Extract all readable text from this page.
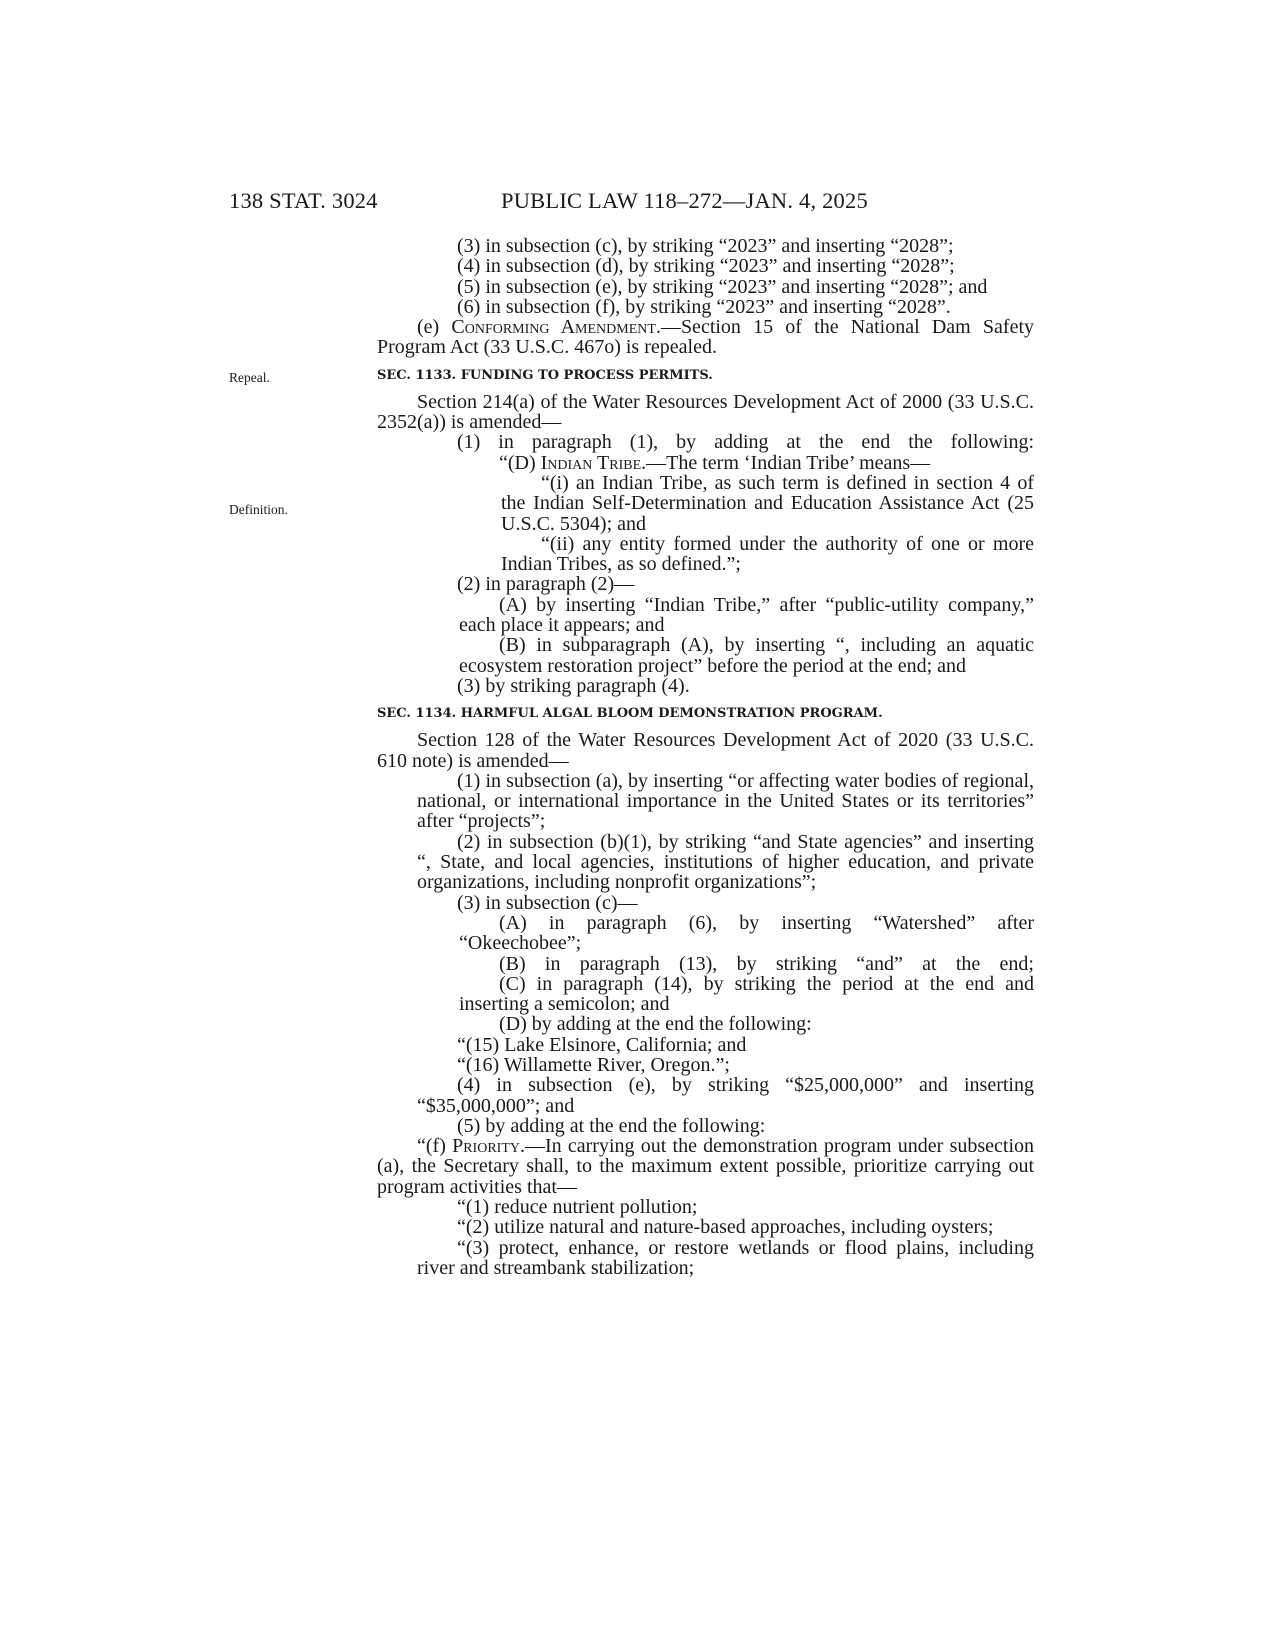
138 STAT. 3024	PUBLIC LAW 118–272—JAN. 4, 2025
Repeal.
Definition.

(3) in subsection (c), by striking “2023” and inserting “2028”;

(4) in subsection (d), by striking “2023” and inserting “2028”;

(5) in subsection (e), by striking “2023” and inserting “2028”; and

(6) in subsection (f), by striking “2023” and inserting “2028”.

(e) Conforming Amendment.—Section 15 of the National Dam Safety Program Act (33 U.S.C. 467o) is repealed.

SEC. 1133. FUNDING TO PROCESS PERMITS.

Section 214(a) of the Water Resources Development Act of 2000 (33 U.S.C. 2352(a)) is amended—

(1) in paragraph (1), by adding at the end the following:

“(D) Indian Tribe.—The term ‘Indian Tribe’ means—

“(i) an Indian Tribe, as such term is defined in section 4 of the Indian Self-Determination and Education Assistance Act (25 U.S.C. 5304); and

“(ii) any entity formed under the authority of one or more Indian Tribes, as so defined.”;

(2) in paragraph (2)—

(A) by inserting “Indian Tribe,” after “public-utility company,” each place it appears; and

(B) in subparagraph (A), by inserting “, including an aquatic ecosystem restoration project” before the period at the end; and

(3) by striking paragraph (4).

SEC. 1134. HARMFUL ALGAL BLOOM DEMONSTRATION PROGRAM.

Section 128 of the Water Resources Development Act of 2020 (33 U.S.C. 610 note) is amended—

(1) in subsection (a), by inserting “or affecting water bodies of regional, national, or international importance in the United States or its territories” after “projects”;

(2) in subsection (b)(1), by striking “and State agencies” and inserting “, State, and local agencies, institutions of higher education, and private organizations, including nonprofit organizations”;

(3) in subsection (c)—

(A) in paragraph (6), by inserting “Watershed” after “Okeechobee”;

(B) in paragraph (13), by striking “and” at the end;

(C) in paragraph (14), by striking the period at the end and inserting a semicolon; and

(D) by adding at the end the following:

“(15) Lake Elsinore, California; and

“(16) Willamette River, Oregon.”;

(4) in subsection (e), by striking “$25,000,000” and inserting “$35,000,000”; and

(5) by adding at the end the following:

“(f) Priority.—In carrying out the demonstration program under subsection (a), the Secretary shall, to the maximum extent possible, prioritize carrying out program activities that—

“(1) reduce nutrient pollution;

“(2) utilize natural and nature-based approaches, including oysters;

“(3) protect, enhance, or restore wetlands or flood plains, including river and streambank stabilization;
